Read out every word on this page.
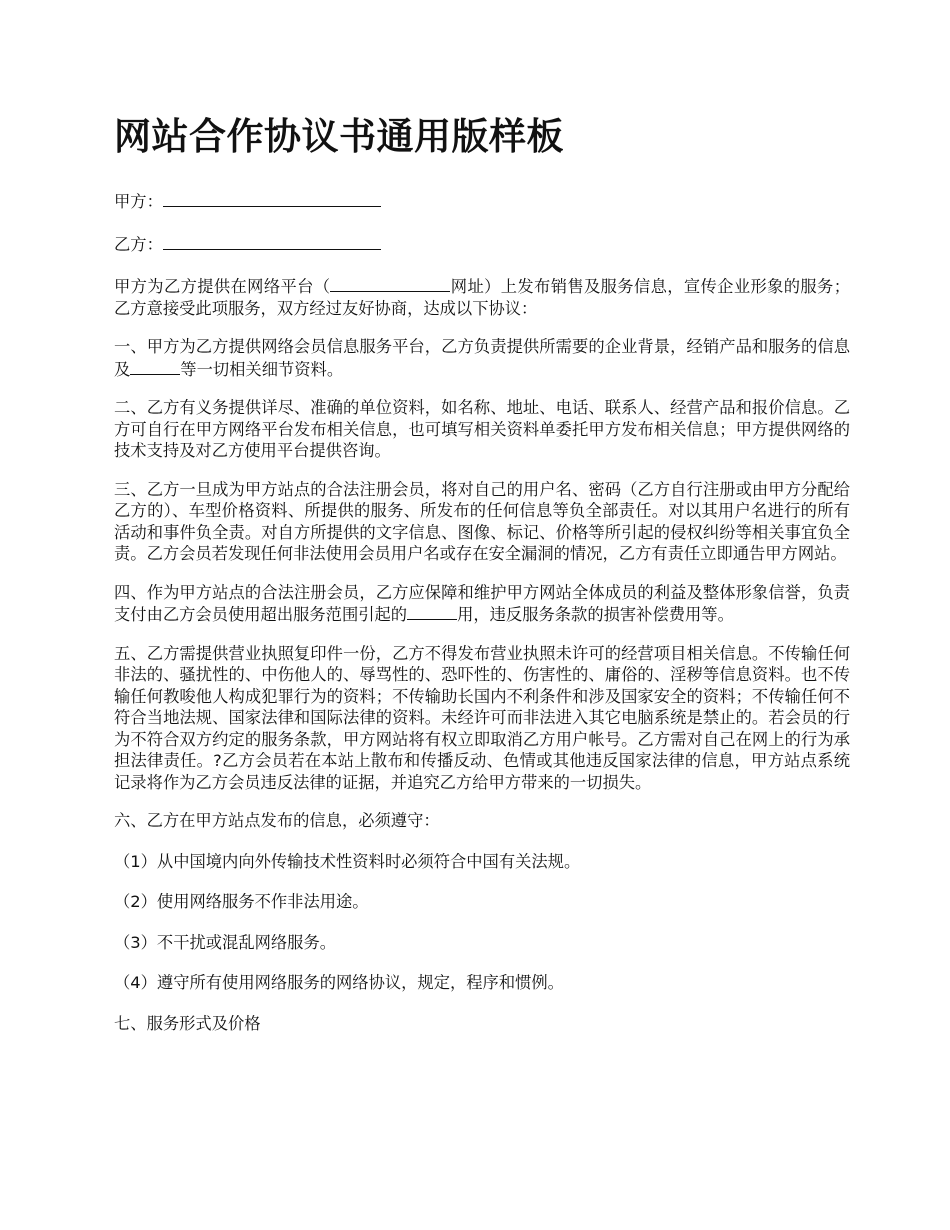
网站合作协议书通用版样板

甲方：

乙方：

甲方为乙方提供在网络平台（	网址）上发布销售及服务信息，宣传企业形象的服务；乙方意接受此项服务，双方经过友好协商，达成以下协议：

一、甲方为乙方提供网络会员信息服务平台，乙方负责提供所需要的企业背景，经销产品和服务的信息及	等一切相关细节资料。

二、乙方有义务提供详尽、准确的单位资料，如名称、地址、电话、联系人、经营产品和报价信息。乙方可自行在甲方网络平台发布相关信息，也可填写相关资料单委托甲方发布相关信息；甲方提供网络的技术支持及对乙方使用平台提供咨询。

三、乙方一旦成为甲方站点的合法注册会员，将对自己的用户名、密码（乙方自行注册或由甲方分配给乙方的）、车型价格资料、所提供的服务、所发布的任何信息等负全部责任。对以其用户名进行的所有活动和事件负全责。对自方所提供的文字信息、图像、标记、价格等所引起的侵权纠纷等相关事宜负全责。乙方会员若发现任何非法使用会员用户名或存在安全漏洞的情况，乙方有责任立即通告甲方网站。

四、作为甲方站点的合法注册会员，乙方应保障和维护甲方网站全体成员的利益及整体形象信誉，负责支付由乙方会员使用超出服务范围引起的	用，违反服务条款的损害补偿费用等。

五、乙方需提供营业执照复印件一份，乙方不得发布营业执照未许可的经营项目相关信息。不传输任何非法的、骚扰性的、中伤他人的、辱骂性的、恐吓性的、伤害性的、庸俗的、淫秽等信息资料。也不传输任何教唆他人构成犯罪行为的资料；不传输助长国内不利条件和涉及国家安全的资料；不传输任何不符合当地法规、国家法律和国际法律的资料。未经许可而非法进入其它电脑系统是禁止的。若会员的行为不符合双方约定的服务条款，甲方网站将有权立即取消乙方用户帐号。乙方需对自己在网上的行为承担法律责任。?乙方会员若在本站上散布和传播反动、色情或其他违反国家法律的信息，甲方站点系统记录将作为乙方会员违反法律的证据，并追究乙方给甲方带来的一切损失。

六、乙方在甲方站点发布的信息，必须遵守：

（1）从中国境内向外传输技术性资料时必须符合中国有关法规。

（2）使用网络服务不作非法用途。

（3）不干扰或混乱网络服务。

（4）遵守所有使用网络服务的网络协议，规定，程序和惯例。

七、服务形式及价格
